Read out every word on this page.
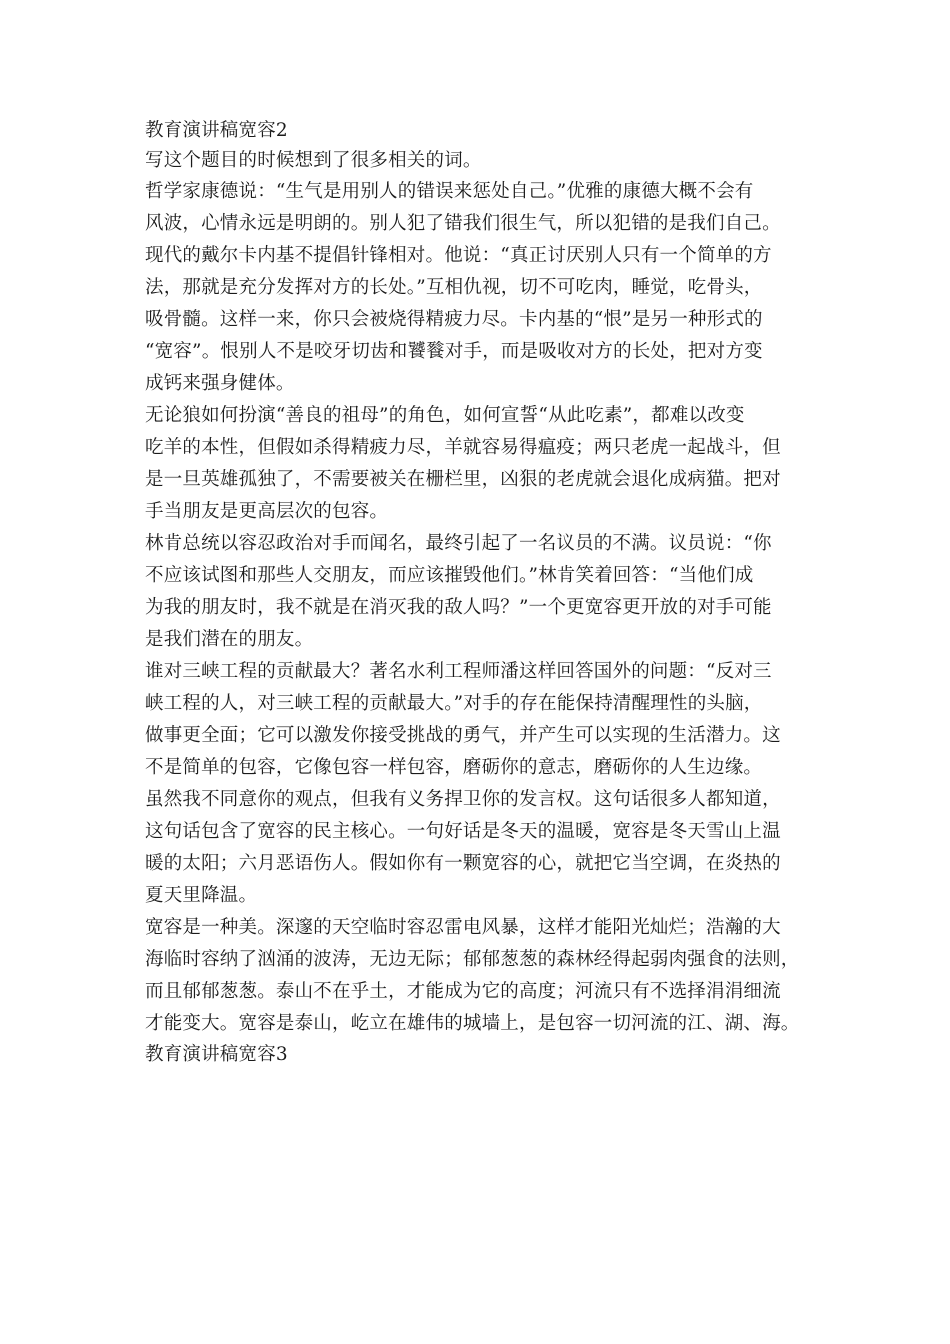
教育演讲稿宽容2
写这个题目的时候想到了很多相关的词。
哲学家康德说：“生气是用别人的错误来惩处自己。”优雅的康德大概不会有
风波，心情永远是明朗的。别人犯了错我们很生气，所以犯错的是我们自己。
现代的戴尔卡内基不提倡针锋相对。他说：“真正讨厌别人只有一个简单的方
法，那就是充分发挥对方的长处。”互相仇视，切不可吃肉，睡觉，吃骨头，
吸骨髓。这样一来，你只会被烧得精疲力尽。卡内基的“恨”是另一种形式的
“宽容”。恨别人不是咬牙切齿和饕餮对手，而是吸收对方的长处，把对方变
成钙来强身健体。
无论狼如何扮演“善良的祖母”的角色，如何宣誓“从此吃素”，都难以改变
吃羊的本性，但假如杀得精疲力尽，羊就容易得瘟疫；两只老虎一起战斗，但
是一旦英雄孤独了，不需要被关在栅栏里，凶狠的老虎就会退化成病猫。把对
手当朋友是更高层次的包容。
林肯总统以容忍政治对手而闻名，最终引起了一名议员的不满。议员说：“你
不应该试图和那些人交朋友，而应该摧毁他们。”林肯笑着回答：“当他们成
为我的朋友时，我不就是在消灭我的敌人吗？”一个更宽容更开放的对手可能
是我们潜在的朋友。
谁对三峡工程的贡献最大？著名水利工程师潘这样回答国外的问题：“反对三
峡工程的人，对三峡工程的贡献最大。”对手的存在能保持清醒理性的头脑，
做事更全面；它可以激发你接受挑战的勇气，并产生可以实现的生活潜力。这
不是简单的包容，它像包容一样包容，磨砺你的意志，磨砺你的人生边缘。
虽然我不同意你的观点，但我有义务捍卫你的发言权。这句话很多人都知道，
这句话包含了宽容的民主核心。一句好话是冬天的温暖，宽容是冬天雪山上温
暖的太阳；六月恶语伤人。假如你有一颗宽容的心，就把它当空调，在炎热的
夏天里降温。
宽容是一种美。深邃的天空临时容忍雷电风暴，这样才能阳光灿烂；浩瀚的大
海临时容纳了汹涌的波涛，无边无际；郁郁葱葱的森林经得起弱肉强食的法则，
而且郁郁葱葱。泰山不在乎土，才能成为它的高度；河流只有不选择涓涓细流
才能变大。宽容是泰山，屹立在雄伟的城墙上，是包容一切河流的江、湖、海。
教育演讲稿宽容3
